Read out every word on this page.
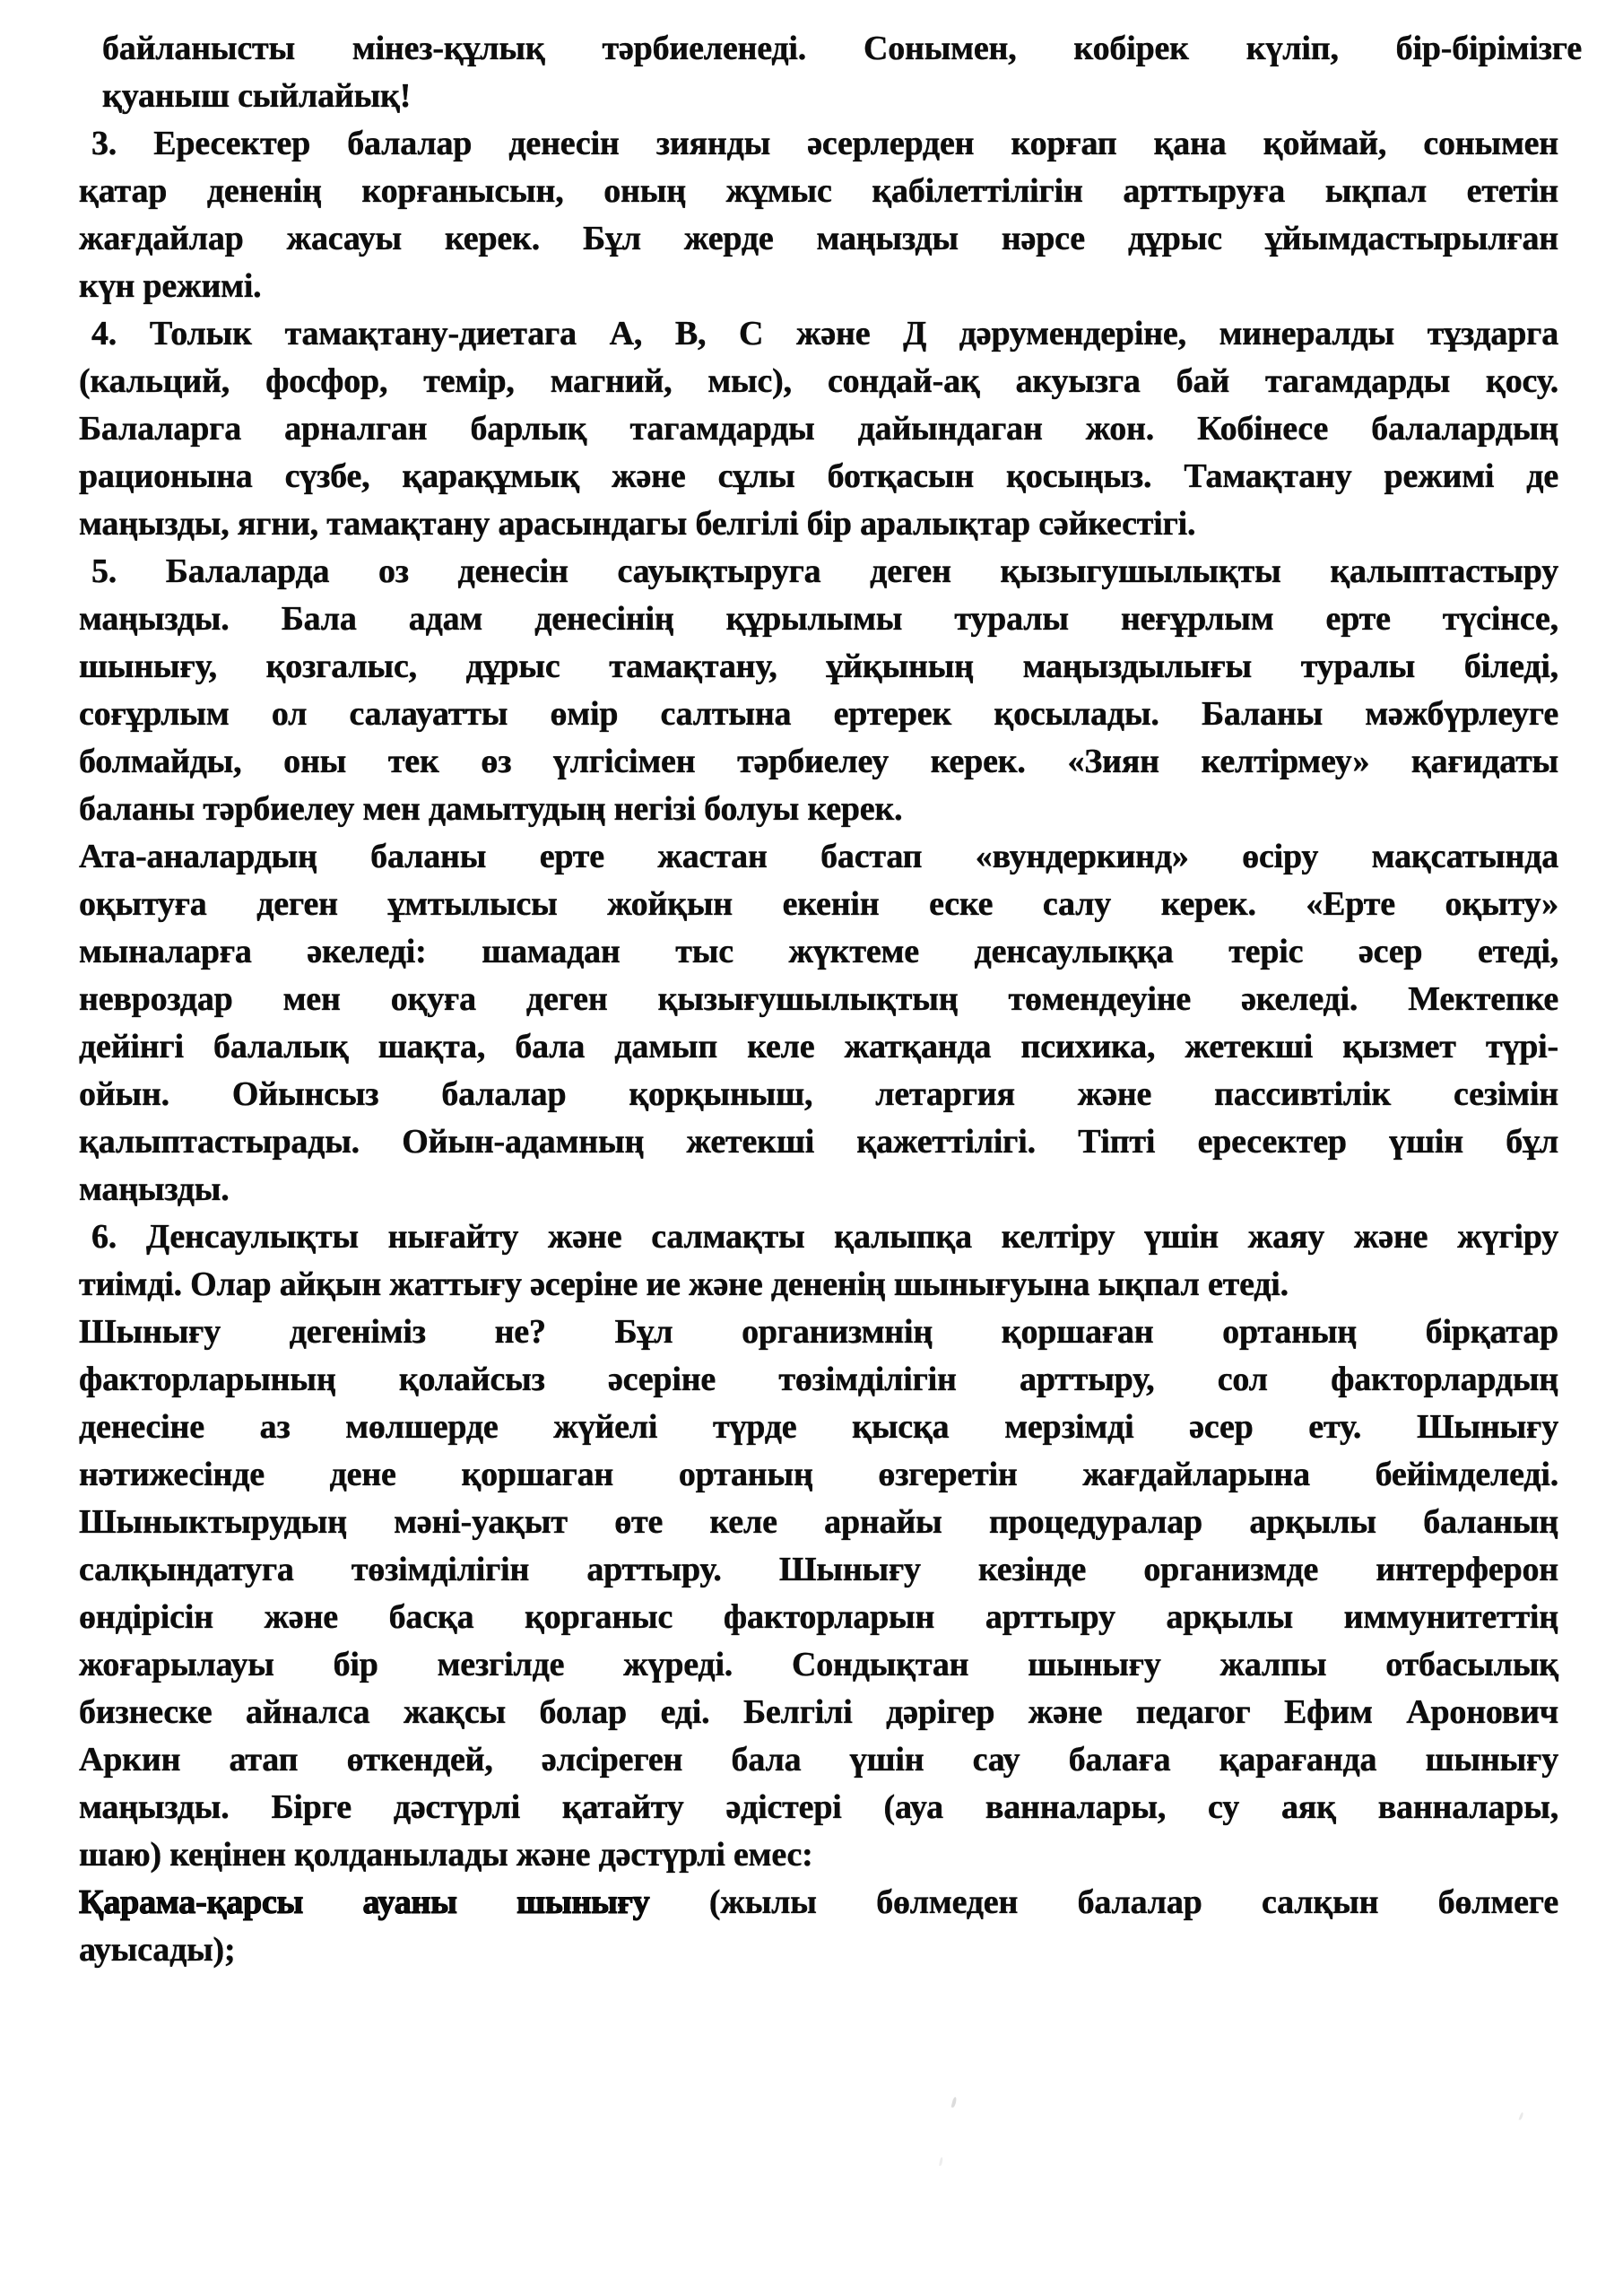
байланысты мінез-құлық тәрбиеленеді. Сонымен, кобірек күліп, бір-бірімізге
қуаныш сыйлайық!
3. Ересектер балалар денесін зиянды әсерлерден корғап қана қоймай, сонымен
қатар дененің корғанысын, оның жұмыс қабілеттілігін арттыруға ықпал ететін
жағдайлар жасауы керек. Бұл жерде маңызды нәрсе дұрыс ұйымдастырылған
күн режимі.
4. Толык тамақтану-диетага А, В, С және Д дәрумендеріне, минералды тұздарга
(кальций, фосфор, темір, магний, мыс), сондай-ақ акуызга бай тагамдарды қосу.
Балаларга арналган барлық тагамдарды дайындаган жон. Кобінесе балалардың
рационына сүзбе, қарақұмық және сұлы ботқасын қосыңыз. Тамақтану режимі де
маңызды, ягни, тамақтану арасындагы белгілі бір аралықтар сәйкестігі.
5. Балаларда оз денесін сауықтыруга деген қызыгушылықты қалыптастыру
маңызды. Бала адам денесінің құрылымы туралы неғұрлым ерте түсінсе,
шынығу, қозгалыс, дұрыс тамақтану, ұйқының маңыздылығы туралы біледі,
соғұрлым ол салауатты өмір салтына ертерек қосылады. Баланы мәжбүрлеуге
болмайды, оны тек өз үлгісімен тәрбиелеу керек. «Зиян келтірмеу» қағидаты
баланы тәрбиелеу мен дамытудың негізі болуы керек.
Ата-аналардың баланы ерте жастан бастап «вундеркинд» өсіру мақсатында
оқытуға деген ұмтылысы жойқын екенін еске салу керек. «Ерте оқыту»
мыналарға әкеледі: шамадан тыс жүктеме денсаулыққа теріс әсер етеді,
невроздар мен оқуға деген қызығушылықтың төмендеуіне әкеледі. Мектепке
дейінгі балалық шақта, бала дамып келе жатқанда психика, жетекші қызмет түрі-
ойын. Ойынсыз балалар қорқыныш, летаргия және пассивтілік сезімін
қалыптастырады. Ойын-адамның жетекші қажеттілігі. Тіпті ересектер үшін бұл
маңызды.
6. Денсаулықты нығайту және салмақты қалыпқа келтіру үшін жаяу және жүгіру
тиімді. Олар айқын жаттығу әсеріне ие және дененің шынығуына ықпал етеді.
Шынығу дегеніміз не? Бұл организмнің қоршаған ортаның бірқатар
факторларының қолайсыз әсеріне төзімділігін арттыру, сол факторлардың
денесіне аз мөлшерде жүйелі түрде қысқа мерзімді әсер ету. Шынығу
нәтижесінде дене қоршаган ортаның өзгеретін жағдайларына бейімделеді.
Шыныктырудың мәні-уақыт өте келе арнайы процедуралар арқылы баланың
салқындатуга төзімділігін арттыру. Шынығу кезінде организмде интерферон
өндірісін және басқа қорганыс факторларын арттыру арқылы иммунитеттің
жоғарылауы бір мезгілде жүреді. Сондықтан шынығу жалпы отбасылық
бизнеске айналса жақсы болар еді. Белгілі дәрігер және педагог Ефим Аронович
Аркин атап өткендей, әлсіреген бала үшін сау балаға қарағанда шынығу
маңызды. Бірге дәстүрлі қатайту әдістері (ауа ванналары, су аяқ ванналары,
шаю) кеңінен қолданылады және дәстүрлі емес:
Қарама-қарсы ауаны шынығу (жылы бөлмеден балалар салқын бөлмеге
ауысады);
